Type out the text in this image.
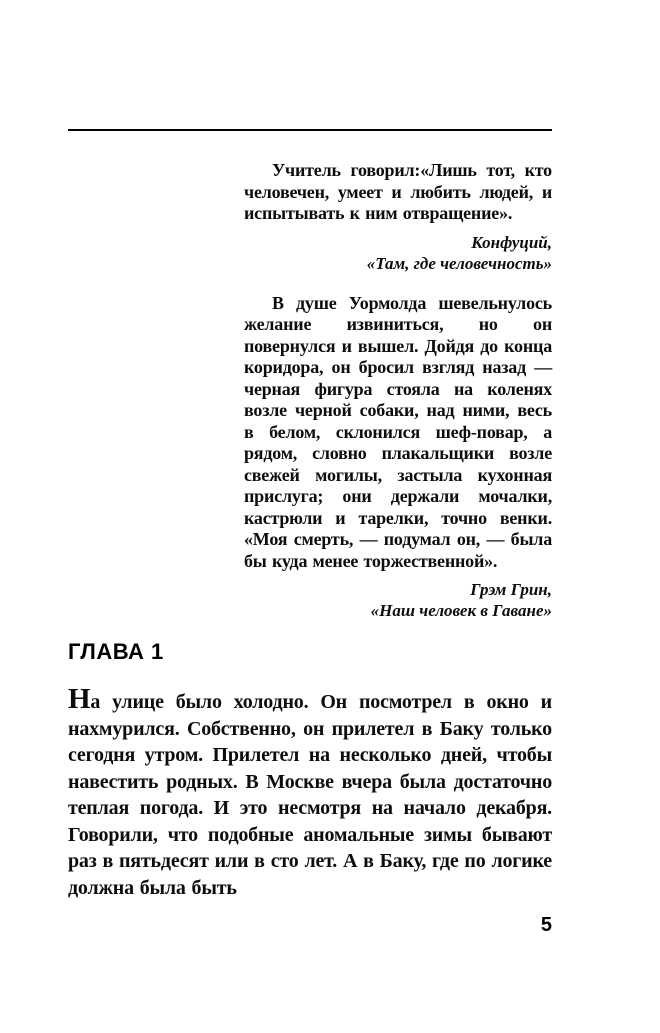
Учитель говорил:«Лишь тот, кто человечен, умеет и любить людей, и испытывать к ним отвращение».

Конфуций,
«Там, где человечность»

В душе Уормолда шевельнулось желание извиниться, но он повернулся и вышел. Дойдя до конца коридора, он бросил взгляд назад — черная фигура стояла на коленях возле черной собаки, над ними, весь в белом, склонился шеф-повар, а рядом, словно плакальщики возле свежей могилы, застыла кухонная прислуга; они держали мочалки, кастрюли и тарелки, точно венки. «Моя смерть, — подумал он, — была бы куда менее торжественной».

Грэм Грин,
«Наш человек в Гаване»

ГЛАВА 1

На улице было холодно. Он посмотрел в окно и нахмурился. Собственно, он прилетел в Баку только сегодня утром. Прилетел на несколько дней, чтобы навестить родных. В Москве вчера была достаточно теплая погода. И это несмотря на начало декабря. Говорили, что подобные аномальные зимы бывают раз в пятьдесят или в сто лет. А в Баку, где по логике должна была быть

5
